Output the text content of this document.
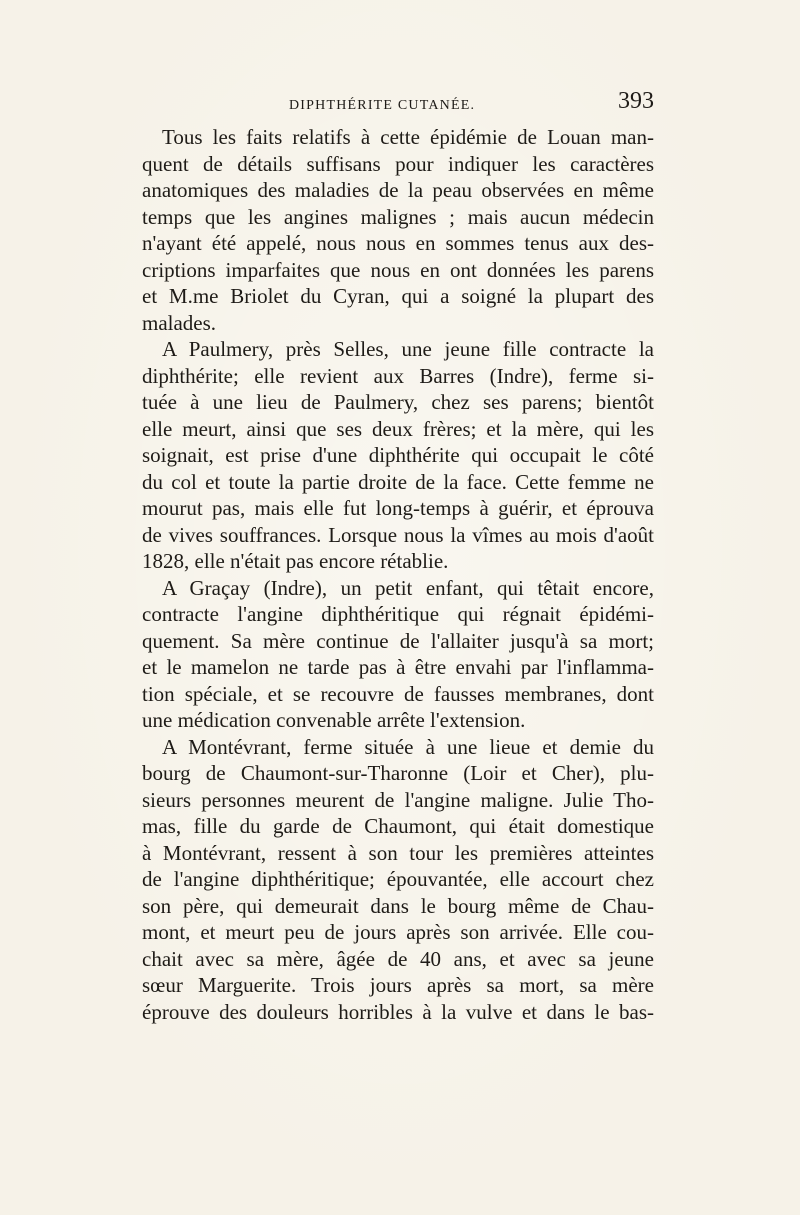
DIPHTHÉRITE CUTANÉE.	393
Tous les faits relatifs à cette épidémie de Louan man-
quent de détails suffisans pour indiquer les caractères
anatomiques des maladies de la peau observées en même
temps que les angines malignes ; mais aucun médecin
n'ayant été appelé, nous nous en sommes tenus aux des-
criptions imparfaites que nous en ont données les parens
et M.me Briolet du Cyran, qui a soigné la plupart des
malades.
A Paulmery, près Selles, une jeune fille contracte la
diphthérite; elle revient aux Barres (Indre), ferme si-
tuée à une lieu de Paulmery, chez ses parens; bientôt
elle meurt, ainsi que ses deux frères; et la mère, qui les
soignait, est prise d'une diphthérite qui occupait le côté
du col et toute la partie droite de la face. Cette femme ne
mourut pas, mais elle fut long-temps à guérir, et éprouva
de vives souffrances. Lorsque nous la vîmes au mois d'août
1828, elle n'était pas encore rétablie.
A Graçay (Indre), un petit enfant, qui têtait encore,
contracte l'angine diphthéritique qui régnait épidémi-
quement. Sa mère continue de l'allaiter jusqu'à sa mort;
et le mamelon ne tarde pas à être envahi par l'inflamma-
tion spéciale, et se recouvre de fausses membranes, dont
une médication convenable arrête l'extension.
A Montévrant, ferme située à une lieue et demie du
bourg de Chaumont-sur-Tharonne (Loir et Cher), plu-
sieurs personnes meurent de l'angine maligne. Julie Tho-
mas, fille du garde de Chaumont, qui était domestique
à Montévrant, ressent à son tour les premières atteintes
de l'angine diphthéritique; épouvantée, elle accourt chez
son père, qui demeurait dans le bourg même de Chau-
mont, et meurt peu de jours après son arrivée. Elle cou-
chait avec sa mère, âgée de 40 ans, et avec sa jeune
sœur Marguerite. Trois jours après sa mort, sa mère
éprouve des douleurs horribles à la vulve et dans le bas-
